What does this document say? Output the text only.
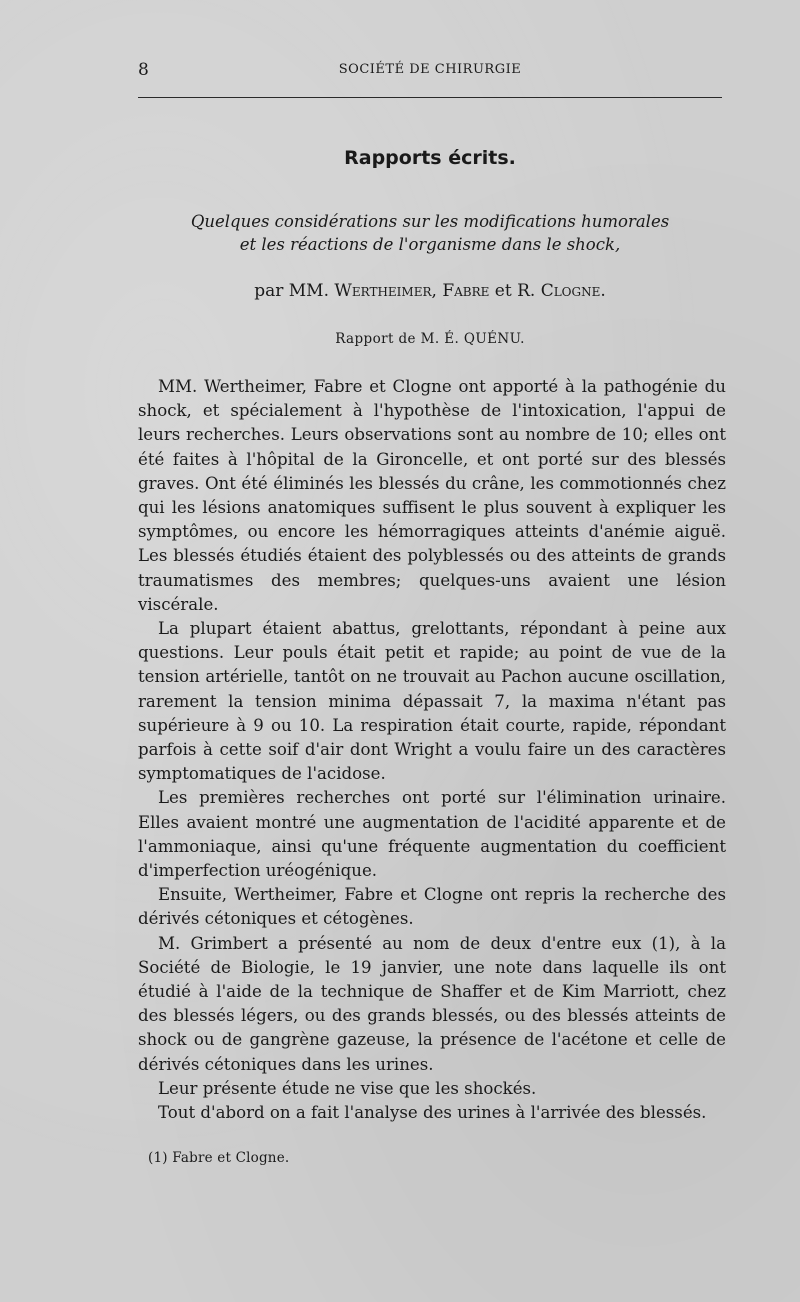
8	SOCIÉTÉ DE CHIRURGIE
Rapports écrits.
Quelques considérations sur les modifications humorales
et les réactions de l'organisme dans le shock,
par MM. Wertheimer, Fabre et R. Clogne.
Rapport de M. É. QUÉNU.

MM. Wertheimer, Fabre et Clogne ont apporté à la pathogénie du shock, et spécialement à l'hypothèse de l'intoxication, l'appui de leurs recherches. Leurs observations sont au nombre de 10; elles ont été faites à l'hôpital de la Gironcelle, et ont porté sur des blessés graves. Ont été éliminés les blessés du crâne, les commotionnés chez qui les lésions anatomiques suffisent le plus souvent à expliquer les symptômes, ou encore les hémorragiques atteints d'anémie aiguë. Les blessés étudiés étaient des polyblessés ou des atteints de grands traumatismes des membres; quelques-uns avaient une lésion viscérale.

La plupart étaient abattus, grelottants, répondant à peine aux questions. Leur pouls était petit et rapide; au point de vue de la tension artérielle, tantôt on ne trouvait au Pachon aucune oscillation, rarement la tension minima dépassait 7, la maxima n'étant pas supérieure à 9 ou 10. La respiration était courte, rapide, répondant parfois à cette soif d'air dont Wright a voulu faire un des caractères symptomatiques de l'acidose.

Les premières recherches ont porté sur l'élimination urinaire. Elles avaient montré une augmentation de l'acidité apparente et de l'ammoniaque, ainsi qu'une fréquente augmentation du coefficient d'imperfection uréogénique.

Ensuite, Wertheimer, Fabre et Clogne ont repris la recherche des dérivés cétoniques et cétogènes.

M. Grimbert a présenté au nom de deux d'entre eux (1), à la Société de Biologie, le 19 janvier, une note dans laquelle ils ont étudié à l'aide de la technique de Shaffer et de Kim Marriott, chez des blessés légers, ou des grands blessés, ou des blessés atteints de shock ou de gangrène gazeuse, la présence de l'acétone et celle de dérivés cétoniques dans les urines.

Leur présente étude ne vise que les shockés.

Tout d'abord on a fait l'analyse des urines à l'arrivée des blessés.

(1) Fabre et Clogne.
